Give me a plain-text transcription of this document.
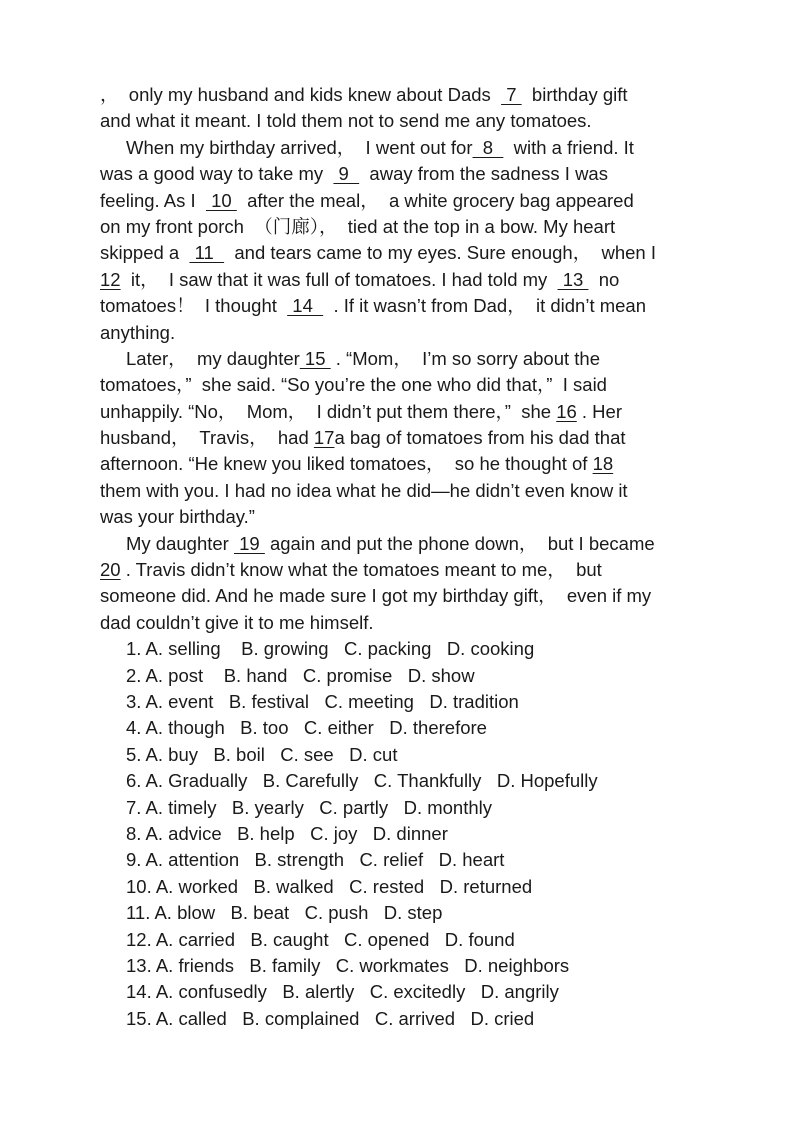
，  only my husband and kids knew about Dads   7   birthday gift
and what it meant. I told them not to send me any tomatoes.
When my birthday arrived，  I went out for  8    with a friend. It
was a good way to take my   9    away from the sadness I was
feeling. As I   10   after the meal，  a white grocery bag appeared
on my front porch  （门廊），  tied at the top in a bow. My heart
skipped a   11    and tears came to my eyes. Sure enough，  when I
12  it，  I saw that it was full of tomatoes. I had told my   13   no
tomatoes！  I thought   14    . If it wasn’t from Dad，  it didn’t mean
anything.
Later，  my daughter 15  . “Mom，  I’m so sorry about the
tomatoes，”  she said. “So you’re the one who did that，”  I said
unhappily. “No，  Mom，  I didn’t put them there，”  she 16 . Her
husband，  Travis，  had 17a bag of tomatoes from his dad that
afternoon. “He knew you liked tomatoes，  so he thought of 18
them with you. I had no idea what he did—he didn’t even know it
was your birthday.”
My daughter  19  again and put the phone down，  but I became
20 . Travis didn’t know what the tomatoes meant to me，  but
someone did. And he made sure I got my birthday gift，  even if my
dad couldn’t give it to me himself.
1. A. selling    B. growing   C. packing   D. cooking
2. A. post    B. hand   C. promise   D. show
3. A. event   B. festival   C. meeting   D. tradition
4. A. though   B. too   C. either   D. therefore
5. A. buy   B. boil   C. see   D. cut
6. A. Gradually   B. Carefully   C. Thankfully   D. Hopefully
7. A. timely   B. yearly   C. partly   D. monthly
8. A. advice   B. help   C. joy   D. dinner
9. A. attention   B. strength   C. relief   D. heart
10. A. worked   B. walked   C. rested   D. returned
11. A. blow   B. beat   C. push   D. step
12. A. carried   B. caught   C. opened   D. found
13. A. friends   B. family   C. workmates   D. neighbors
14. A. confusedly   B. alertly   C. excitedly   D. angrily
15. A. called   B. complained   C. arrived   D. cried
